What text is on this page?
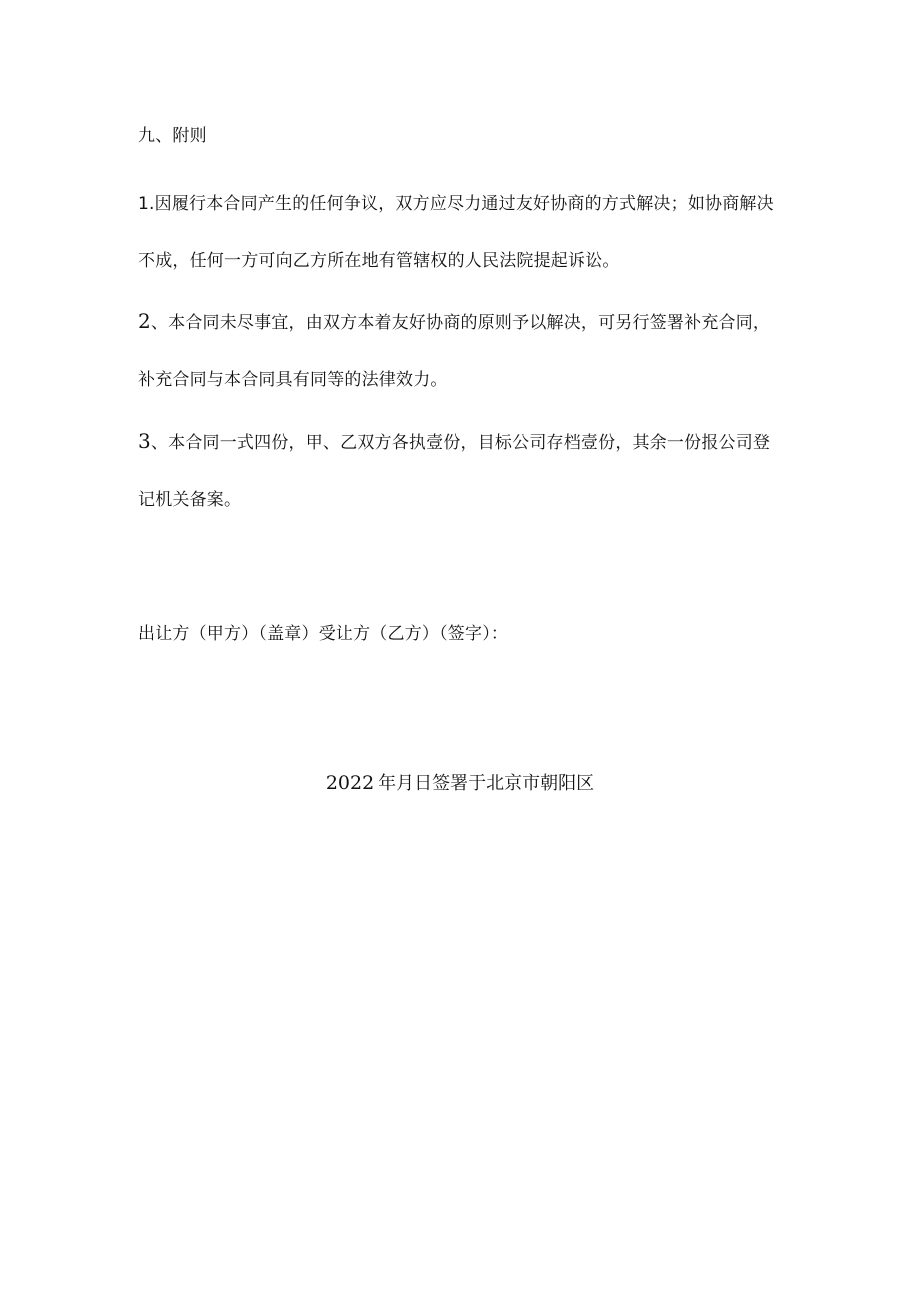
九、附则
1.因履行本合同产生的任何争议，双方应尽力通过友好协商的方式解决；如协商解决不成，任何一方可向乙方所在地有管辖权的人民法院提起诉讼。
2、本合同未尽事宜，由双方本着友好协商的原则予以解决，可另行签署补充合同，补充合同与本合同具有同等的法律效力。
3、本合同一式四份，甲、乙双方各执壹份，目标公司存档壹份，其余一份报公司登记机关备案。
出让方（甲方）（盖章）受让方（乙方）（签字）：
2022 年月日签署于北京市朝阳区
